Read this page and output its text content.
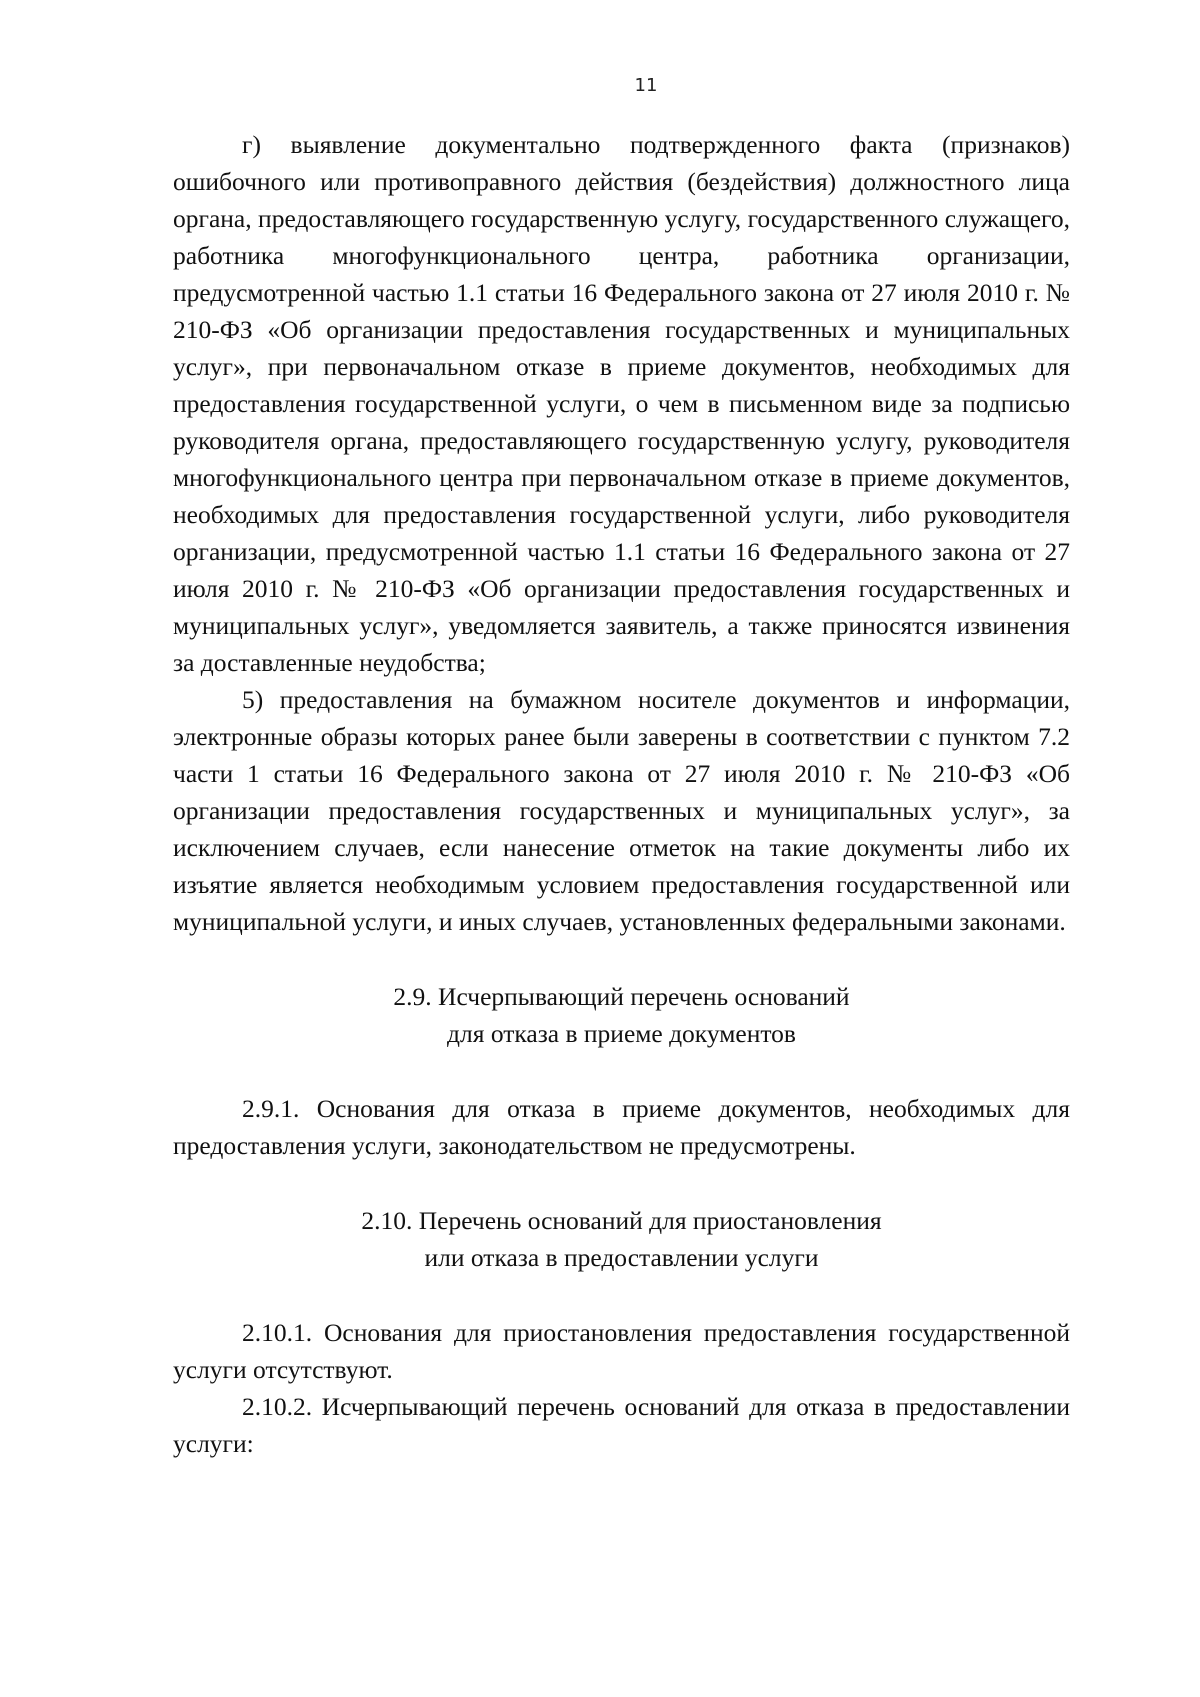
11

г) выявление документально подтвержденного факта (признаков) ошибочного или противоправного действия (бездействия) должностного лица органа, предоставляющего государственную услугу, государственного служащего, работника многофункционального центра, работника организации, предусмотренной частью 1.1 статьи 16 Федерального закона от 27 июля 2010 г. № 210-ФЗ «Об организации предоставления государственных и муниципальных услуг», при первоначальном отказе в приеме документов, необходимых для предоставления государственной услуги, о чем в письменном виде за подписью руководителя органа, предоставляющего государственную услугу, руководителя многофункционального центра при первоначальном отказе в приеме документов, необходимых для предоставления государственной услуги, либо руководителя организации, предусмотренной частью 1.1 статьи 16 Федерального закона от 27 июля 2010 г. № 210-ФЗ «Об организации предоставления государственных и муниципальных услуг», уведомляется заявитель, а также приносятся извинения за доставленные неудобства;

5) предоставления на бумажном носителе документов и информации, электронные образы которых ранее были заверены в соответствии с пунктом 7.2 части 1 статьи 16 Федерального закона от 27 июля 2010 г. № 210-ФЗ «Об организации предоставления государственных и муниципальных услуг», за исключением случаев, если нанесение отметок на такие документы либо их изъятие является необходимым условием предоставления государственной или муниципальной услуги, и иных случаев, установленных федеральными законами.

2.9. Исчерпывающий перечень оснований
для отказа в приеме документов

2.9.1. Основания для отказа в приеме документов, необходимых для предоставления услуги, законодательством не предусмотрены.

2.10. Перечень оснований для приостановления
или отказа в предоставлении услуги

2.10.1. Основания для приостановления предоставления государственной услуги отсутствуют.

2.10.2. Исчерпывающий перечень оснований для отказа в предоставлении услуги:
